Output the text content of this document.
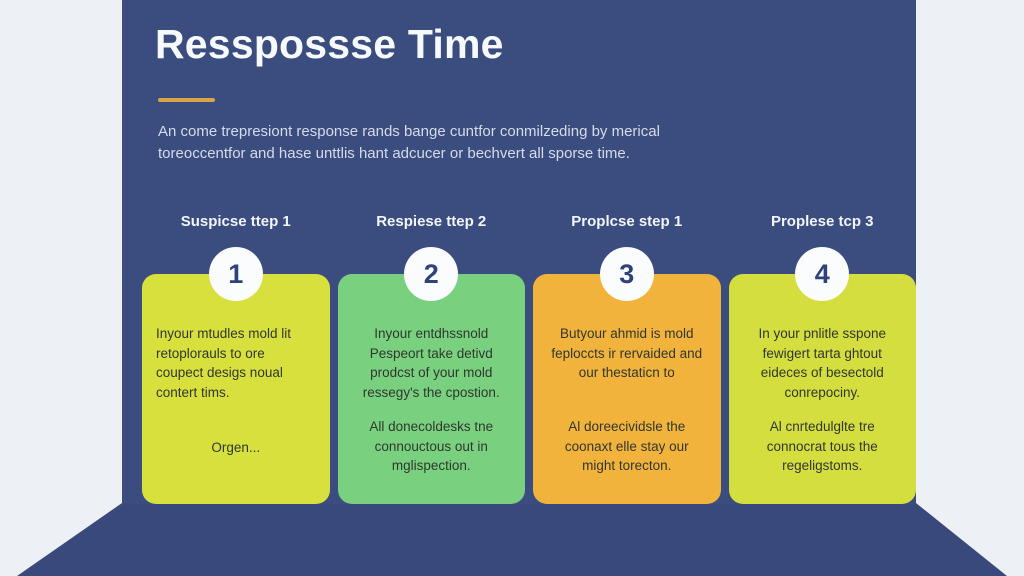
Resspossse Time

An come trepresiont response rands bange cuntfor conmilzeding by merical toreoccentfor and hase unttlis hant adcucer or bechvert all sporse time.

Suspicse ttep 1
1

Inyour mtudles mold lit retoplorauls to ore coupect desigs noual contert tims.

Orgen...

Respiese ttep 2
2

Inyour entdhssnold Pespeort take detivd prodcst of your mold ressegy's the cpostion.

All donecoldesks tne connouctous out in mglispection.

Proplcse step 1
3

Butyour ahmid is mold feploccts ir rervaided and our thestaticn to

Al doreecividsle the coonaxt elle stay our might torecton.

Proplese tcp 3
4

In your pnlitle sspone fewigert tarta ghtout eideces of besectold conrepociny.

Al cnrtedulglte tre connocrat tous the regeligstoms.
